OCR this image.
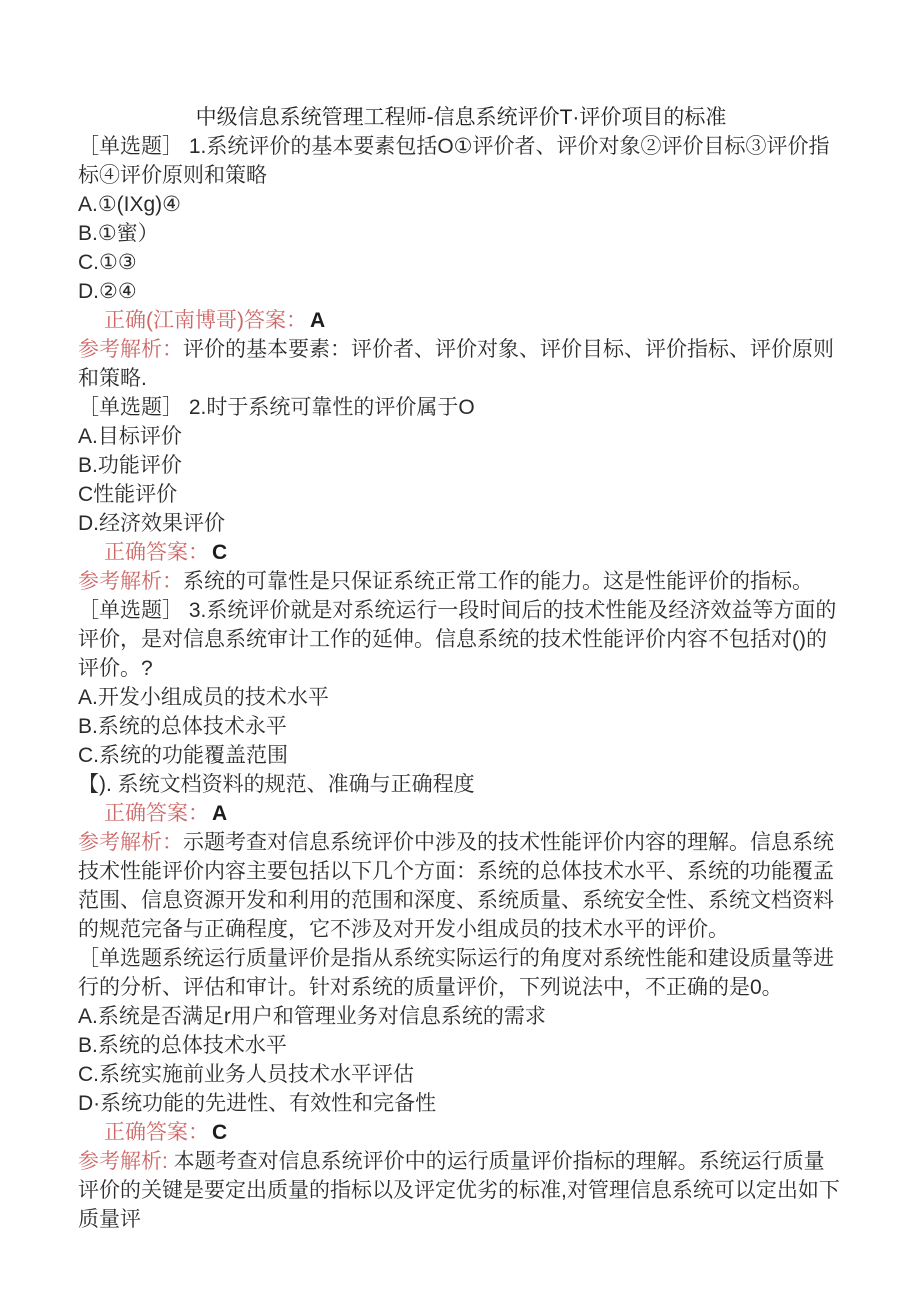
中级信息系统管理工程师-信息系统评价T·评价项目的标准

［单选题］ 1.系统评价的基本要素包括O①评价者、评价对象②评价目标③评价指标④评价原则和策略

A.①(IXg)④

B.①蜜）

C.①③

D.②④

正确(江南博哥)答案： A

参考解析：评价的基本要素：评价者、评价对象、评价目标、评价指标、评价原则和策略.

［单选题］ 2.时于系统可靠性的评价属于O

A.目标评价

B.功能评价

C性能评价

D.经济效果评价

正确答案： C

参考解析：系统的可靠性是只保证系统正常工作的能力。这是性能评价的指标。

［单选题］ 3.系统评价就是对系统运行一段时间后的技术性能及经济效益等方面的评价，是对信息系统审计工作的延伸。信息系统的技术性能评价内容不包括对()的评价。?

A.开发小组成员的技术水平

B.系统的总体技术永平

C.系统的功能覆盖范围

【). 系统文档资料的规范、准确与正确程度

正确答案： A

参考解析：示题考查对信息系统评价中涉及的技术性能评价内容的理解。信息系统技术性能评价内容主要包括以下几个方面：系统的总体技术水平、系统的功能覆孟范围、信息资源开发和利用的范围和深度、系统质量、系统安全性、系统文档资料的规范完备与正确程度，它不涉及对开发小组成员的技术水平的评价。

［单选题系统运行质量评价是指从系统实际运行的角度对系统性能和建设质量等进行的分析、评估和审计。针对系统的质量评价，下列说法中，不正确的是0。

A.系统是否满足r用户和管理业务对信息系统的需求

B.系统的总体技术水平

C.系统实施前业务人员技术水平评估

D·系统功能的先进性、有效性和完备性

正确答案： C

参考解析: 本题考查对信息系统评价中的运行质量评价指标的理解。系统运行质量评价的关键是要定出质量的指标以及评定优劣的标准,对管理信息系统可以定出如下质量评
